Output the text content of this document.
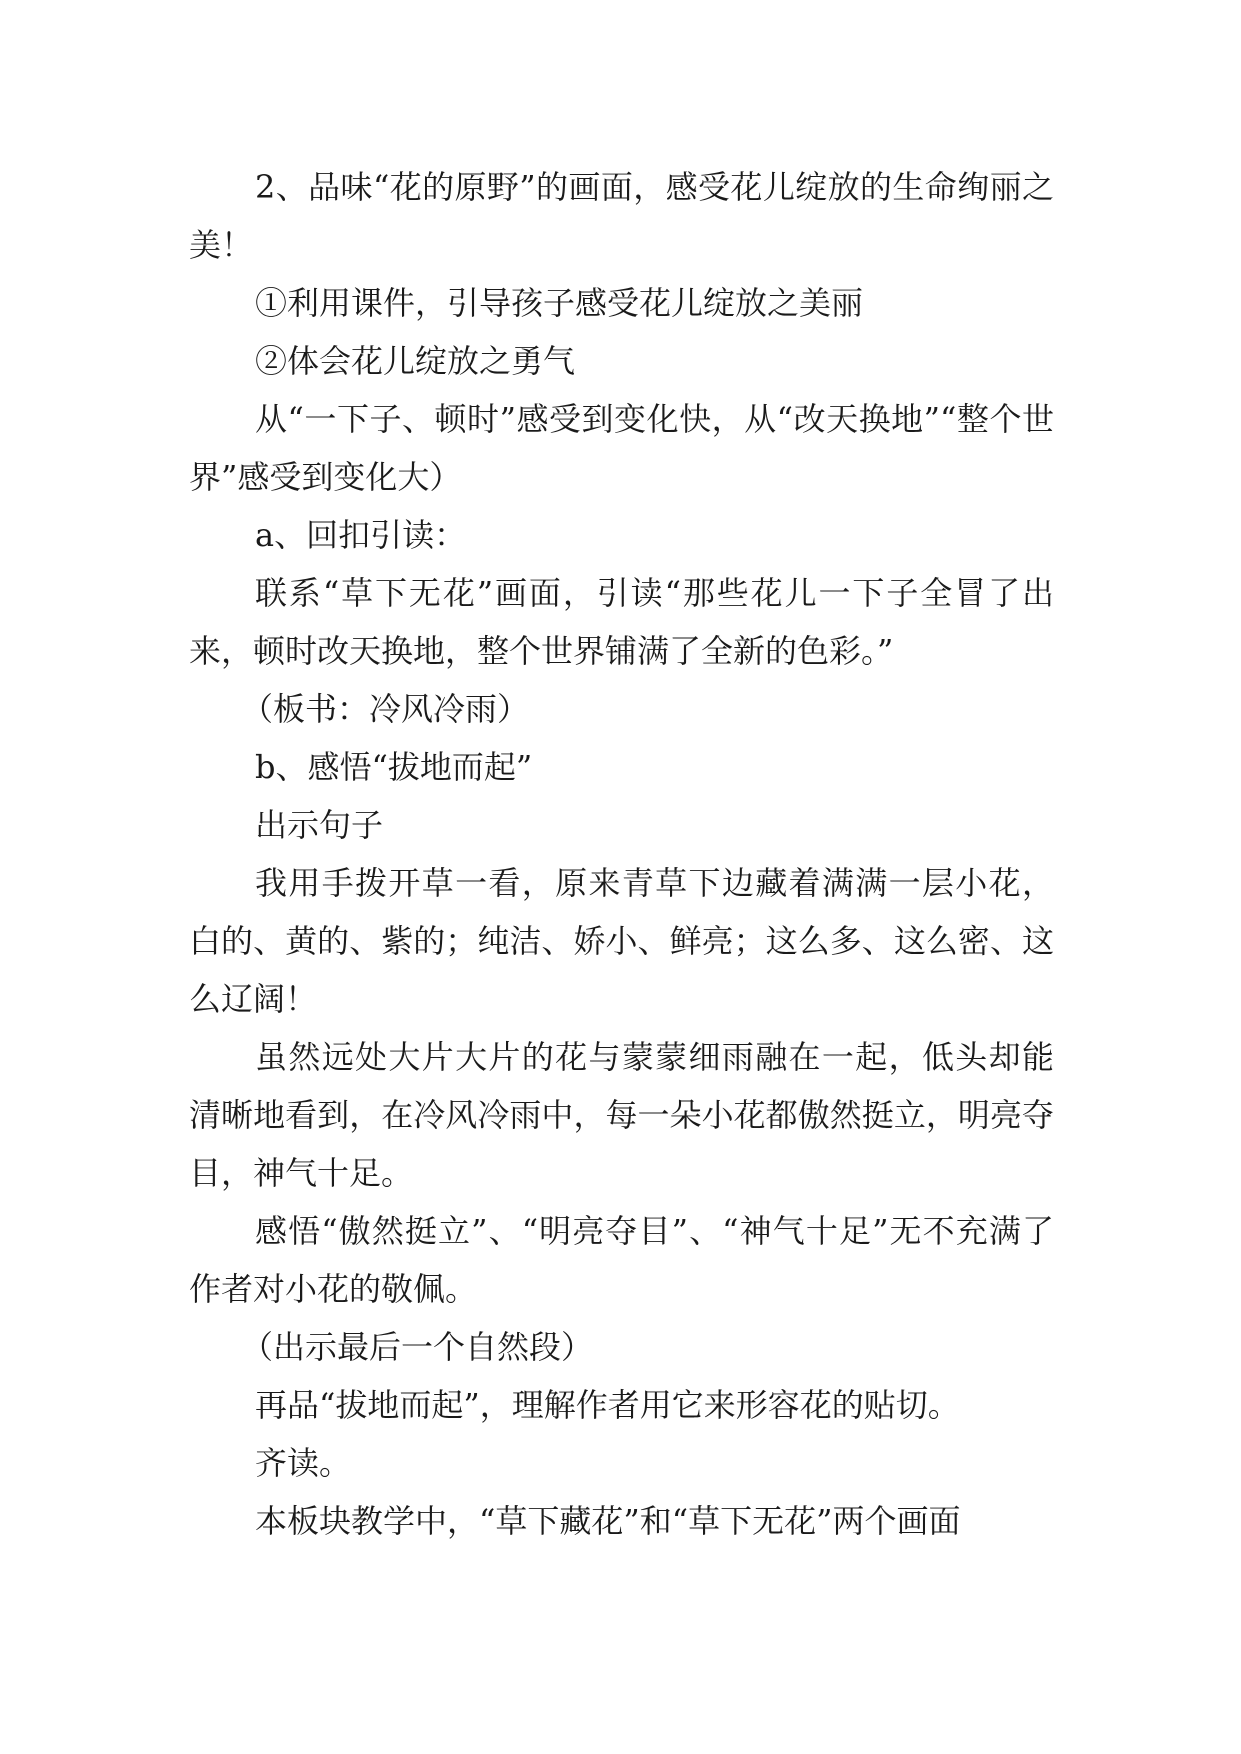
2、品味“花的原野”的画面，感受花儿绽放的生命绚丽之美！

①利用课件，引导孩子感受花儿绽放之美丽

②体会花儿绽放之勇气

从“一下子、顿时”感受到变化快，从“改天换地”“整个世界”感受到变化大）

a、回扣引读：

联系“草下无花”画面，引读“那些花儿一下子全冒了出来，顿时改天换地，整个世界铺满了全新的色彩。”

（板书：冷风冷雨）

b、感悟“拔地而起”

出示句子

我用手拨开草一看，原来青草下边藏着满满一层小花，白的、黄的、紫的；纯洁、娇小、鲜亮；这么多、这么密、这么辽阔！

虽然远处大片大片的花与蒙蒙细雨融在一起，低头却能清晰地看到，在冷风冷雨中，每一朵小花都傲然挺立，明亮夺目，神气十足。

感悟“傲然挺立”、“明亮夺目”、“神气十足”无不充满了作者对小花的敬佩。

（出示最后一个自然段）

再品“拔地而起”，理解作者用它来形容花的贴切。

齐读。

本板块教学中，“草下藏花”和“草下无花”两个画面
